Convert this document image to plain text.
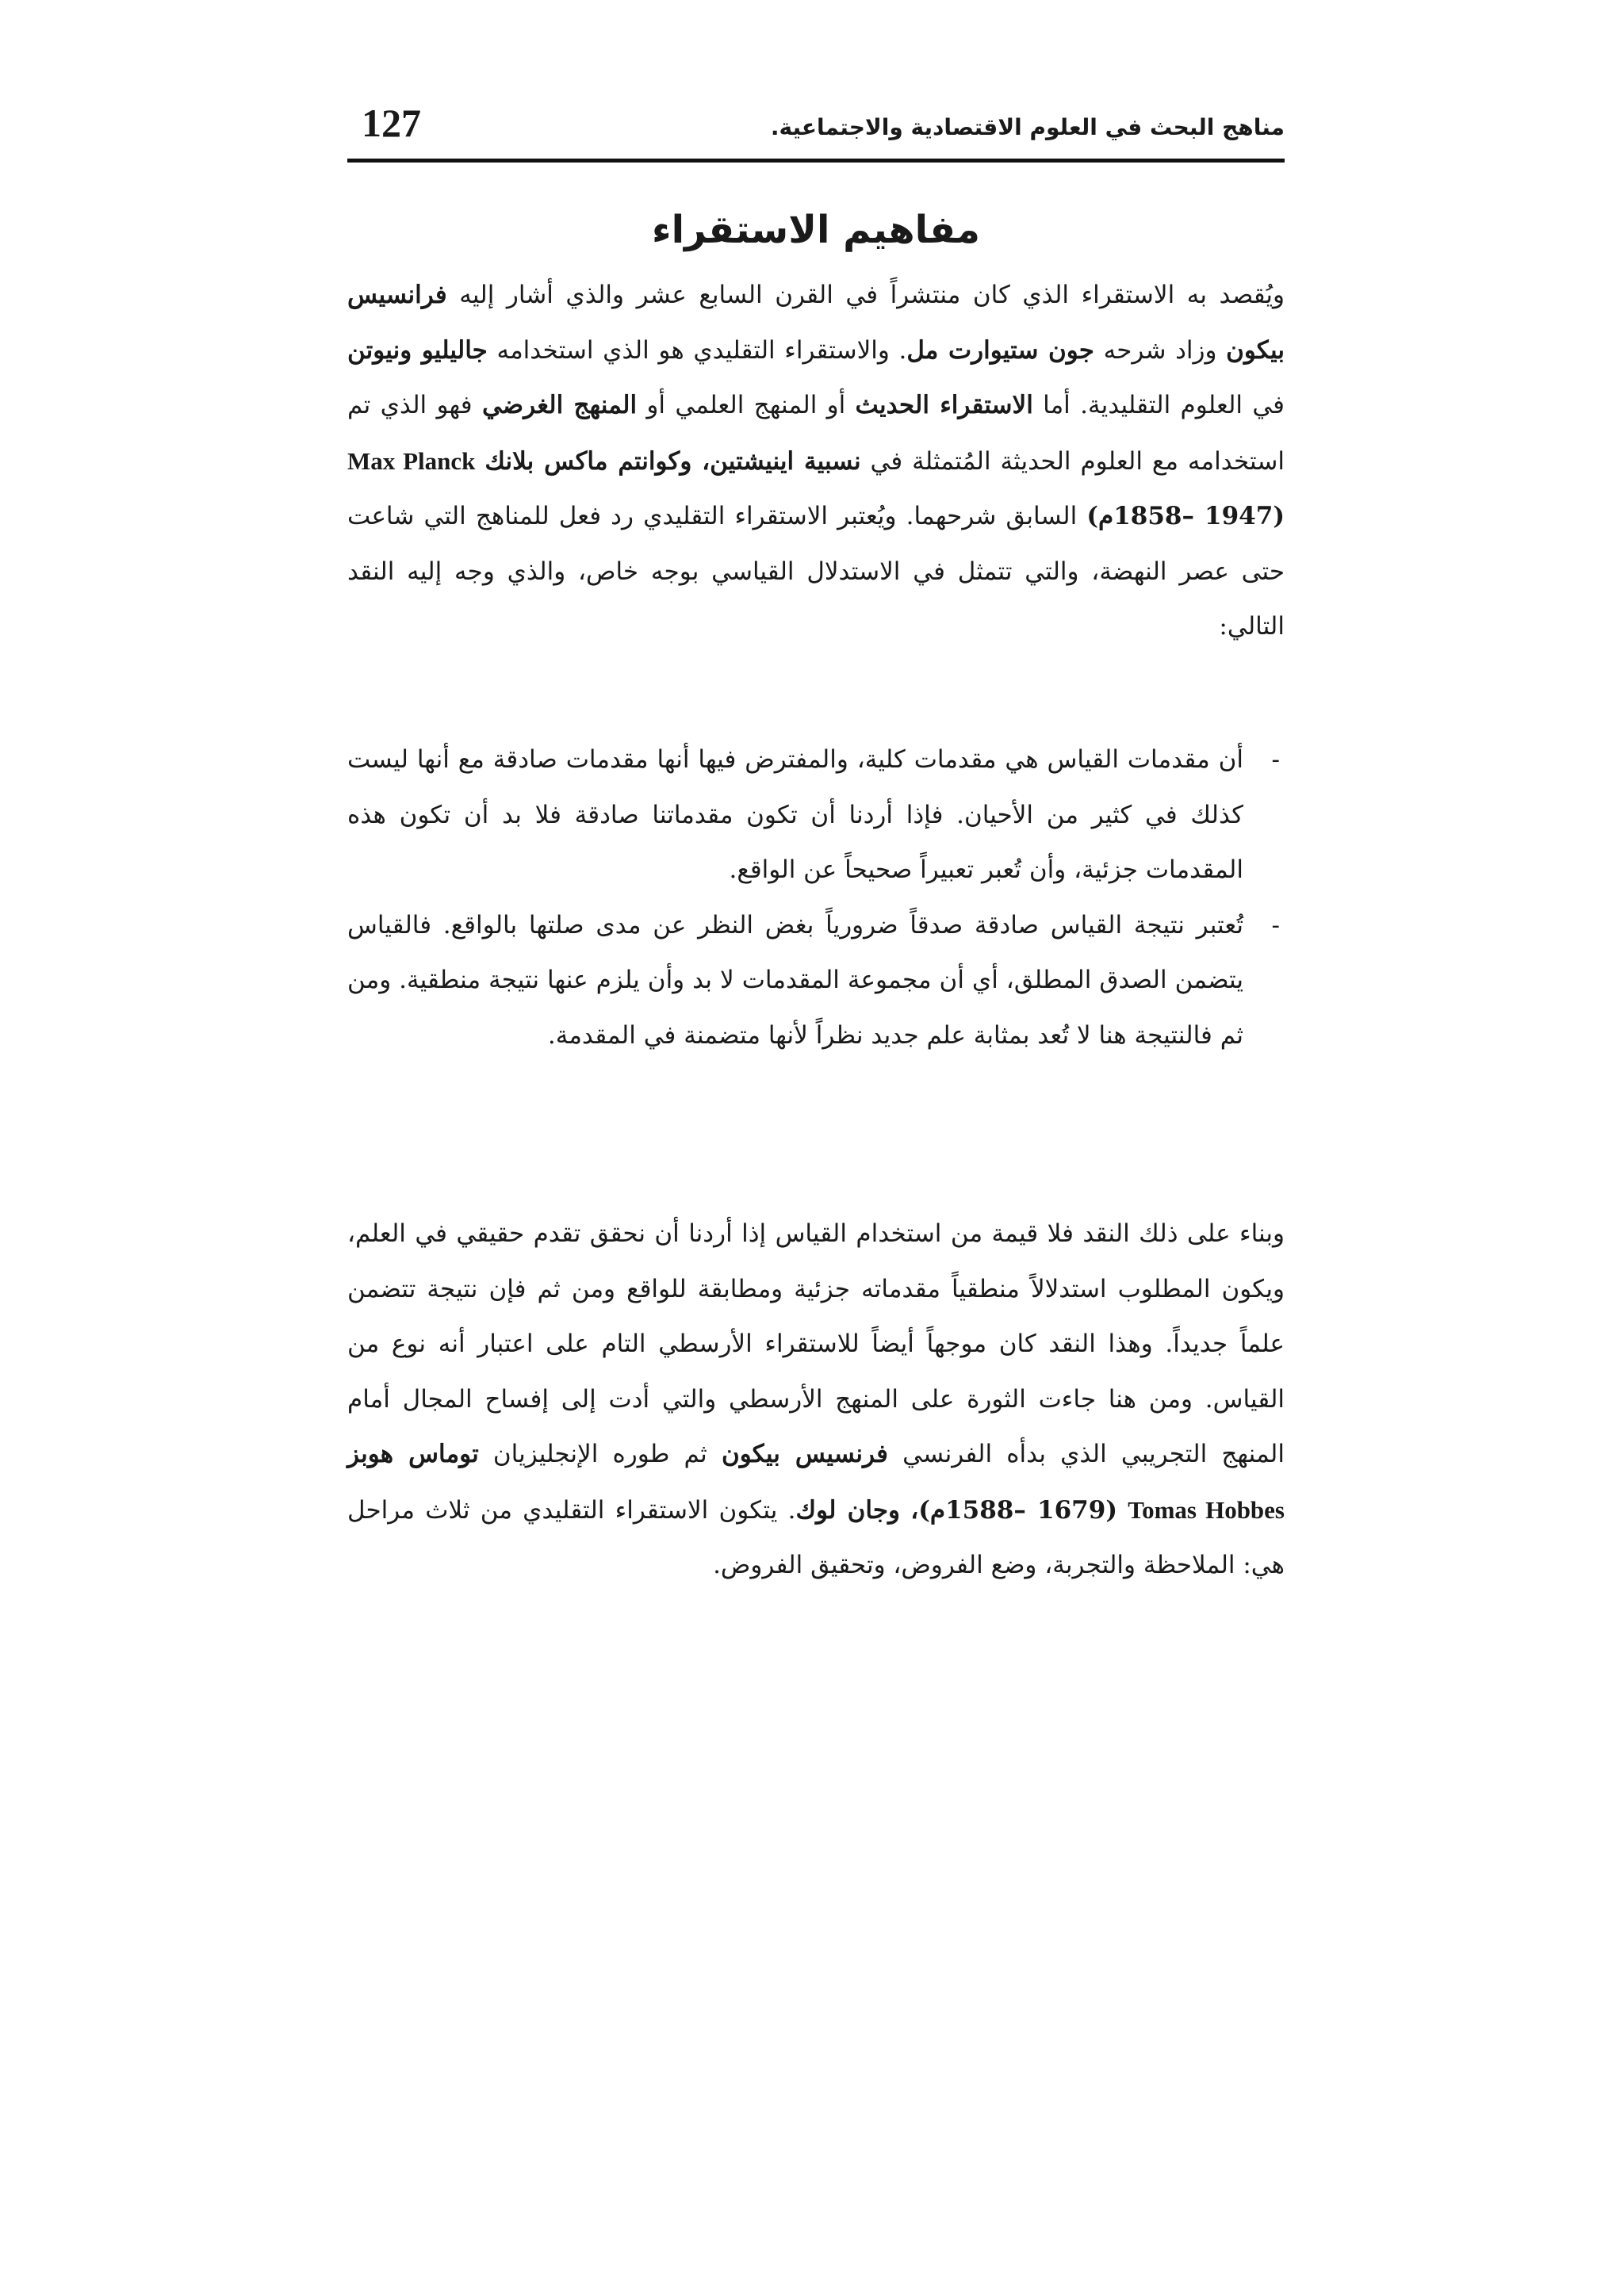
مناهج البحث في العلوم الاقتصادية والاجتماعية.
127
مفاهيم الاستقراء

ويُقصد به الاستقراء الذي كان منتشراً في القرن السابع عشر والذي أشار إليه فرانسيس بيكون وزاد شرحه جون ستيوارت مل. والاستقراء التقليدي هو الذي استخدامه جاليليو ونيوتن في العلوم التقليدية. أما الاستقراء الحديث أو المنهج العلمي أو المنهج الغرضي فهو الذي تم استخدامه مع العلوم الحديثة المُتمثلة في نسبية اينيشتين، وكوانتم ماكس بلانك Max Planck (1858– 1947م) السابق شرحهما. ويُعتبر الاستقراء التقليدي رد فعل للمناهج التي شاعت حتى عصر النهضة، والتي تتمثل في الاستدلال القياسي بوجه خاص، والذي وجه إليه النقد التالي:

-
أن مقدمات القياس هي مقدمات كلية، والمفترض فيها أنها مقدمات صادقة مع أنها ليست كذلك في كثير من الأحيان. فإذا أردنا أن تكون مقدماتنا صادقة فلا بد أن تكون هذه المقدمات جزئية، وأن تُعبر تعبيراً صحيحاً عن الواقع.
-
تُعتبر نتيجة القياس صادقة صدقاً ضرورياً بغض النظر عن مدى صلتها بالواقع. فالقياس يتضمن الصدق المطلق، أي أن مجموعة المقدمات لا بد وأن يلزم عنها نتيجة منطقية. ومن ثم فالنتيجة هنا لا تُعد بمثابة علم جديد نظراً لأنها متضمنة في المقدمة.

وبناء على ذلك النقد فلا قيمة من استخدام القياس إذا أردنا أن نحقق تقدم حقيقي في العلم، ويكون المطلوب استدلالاً منطقياً مقدماته جزئية ومطابقة للواقع ومن ثم فإن نتيجة تتضمن علماً جديداً. وهذا النقد كان موجهاً أيضاً للاستقراء الأرسطي التام على اعتبار أنه نوع من القياس. ومن هنا جاءت الثورة على المنهج الأرسطي والتي أدت إلى إفساح المجال أمام المنهج التجريبي الذي بدأه الفرنسي فرنسيس بيكون ثم طوره الإنجليزيان توماس هوبز Tomas Hobbes (1588– 1679م)، وجان لوك. يتكون الاستقراء التقليدي من ثلاث مراحل هي: الملاحظة والتجربة، وضع الفروض، وتحقيق الفروض.
